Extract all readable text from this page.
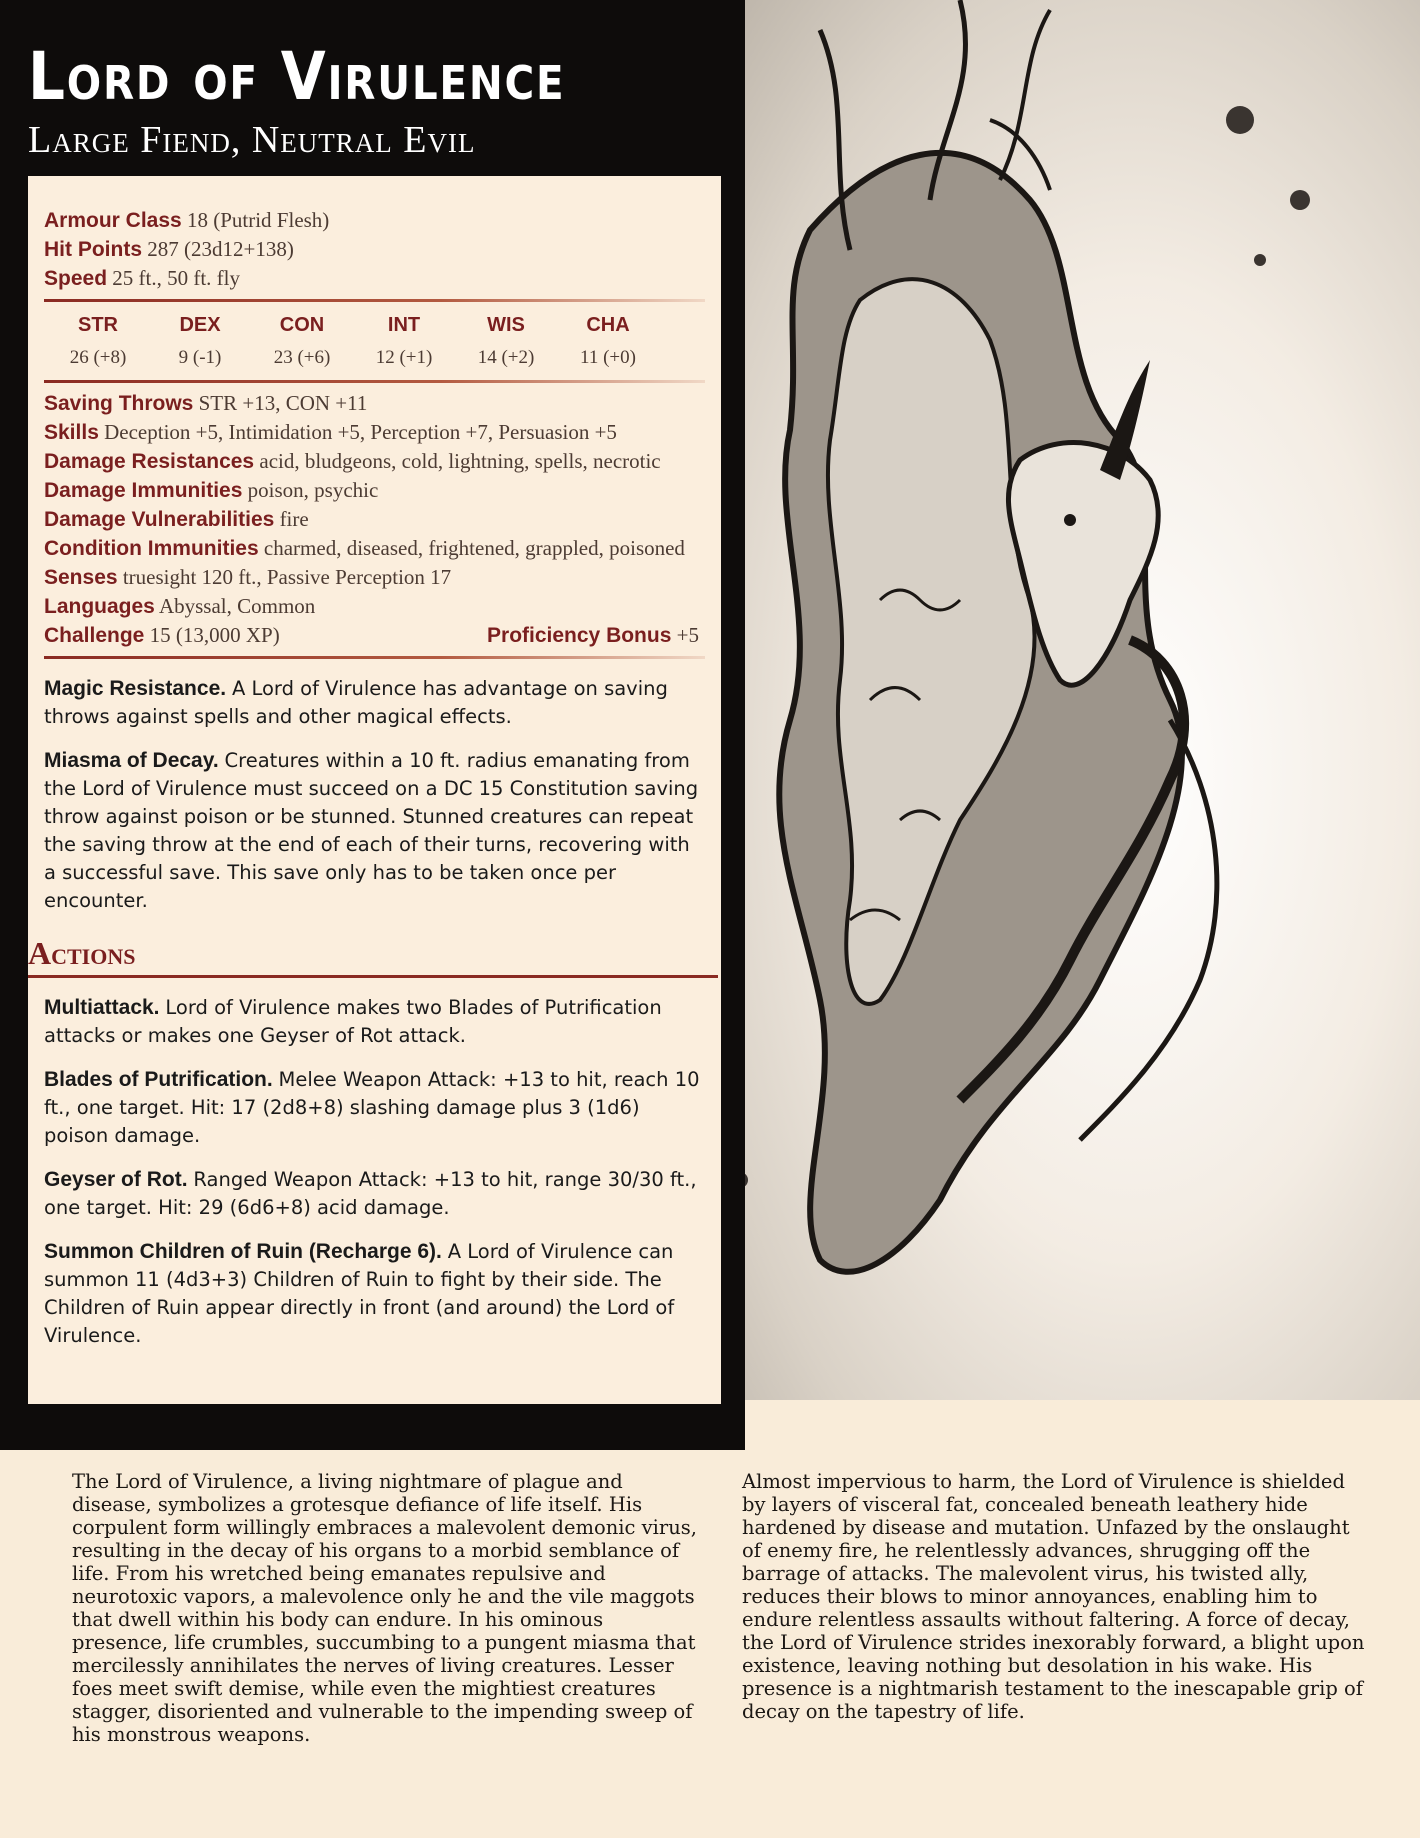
Lord of Virulence
Large Fiend, Neutral Evil
Armour Class 18 (Putrid Flesh)
Hit Points 287 (23d12+138)
Speed 25 ft., 50 ft. fly
STR
26 (+8)
DEX
9 (-1)
CON
23 (+6)
INT
12 (+1)
WIS
14 (+2)
CHA
11 (+0)
Saving Throws STR +13, CON +11
Skills Deception +5, Intimidation +5, Perception +7, Persuasion +5
Damage Resistances acid, bludgeons, cold, lightning, spells, necrotic
Damage Immunities poison, psychic
Damage Vulnerabilities fire
Condition Immunities charmed, diseased, frightened, grappled, poisoned
Senses truesight 120 ft., Passive Perception 17
Languages Abyssal, Common
Challenge 15 (13,000 XP)	Proficiency Bonus +5
Magic Resistance. A Lord of Virulence has advantage on saving throws against spells and other magical effects.
Miasma of Decay. Creatures within a 10 ft. radius emanating from the Lord of Virulence must succeed on a DC 15 Constitution saving throw against poison or be stunned. Stunned creatures can repeat the saving throw at the end of each of their turns, recovering with a successful save. This save only has to be taken once per encounter.
Actions
Multiattack. Lord of Virulence makes two Blades of Putrification attacks or makes one Geyser of Rot attack.
Blades of Putrification. Melee Weapon Attack: +13 to hit, reach 10 ft., one target. Hit: 17 (2d8+8) slashing damage plus 3 (1d6) poison damage.
Geyser of Rot. Ranged Weapon Attack: +13 to hit, range 30/30 ft., one target. Hit: 29 (6d6+8) acid damage.
Summon Children of Ruin (Recharge 6). A Lord of Virulence can summon 11 (4d3+3) Children of Ruin to fight by their side. The Children of Ruin appear directly in front (and around) the Lord of Virulence.

The Lord of Virulence, a living nightmare of plague and disease, symbolizes a grotesque defiance of life itself. His corpulent form willingly embraces a malevolent demonic virus, resulting in the decay of his organs to a morbid semblance of life. From his wretched being emanates repulsive and neurotoxic vapors, a malevolence only he and the vile maggots that dwell within his body can endure. In his ominous presence, life crumbles, succumbing to a pungent miasma that mercilessly annihilates the nerves of living creatures. Lesser foes meet swift demise, while even the mightiest creatures stagger, disoriented and vulnerable to the impending sweep of his monstrous weapons.

Almost impervious to harm, the Lord of Virulence is shielded by layers of visceral fat, concealed beneath leathery hide hardened by disease and mutation. Unfazed by the onslaught of enemy fire, he relentlessly advances, shrugging off the barrage of attacks. The malevolent virus, his twisted ally, reduces their blows to minor annoyances, enabling him to endure relentless assaults without faltering. A force of decay, the Lord of Virulence strides inexorably forward, a blight upon existence, leaving nothing but desolation in his wake. His presence is a nightmarish testament to the inescapable grip of decay on the tapestry of life.
